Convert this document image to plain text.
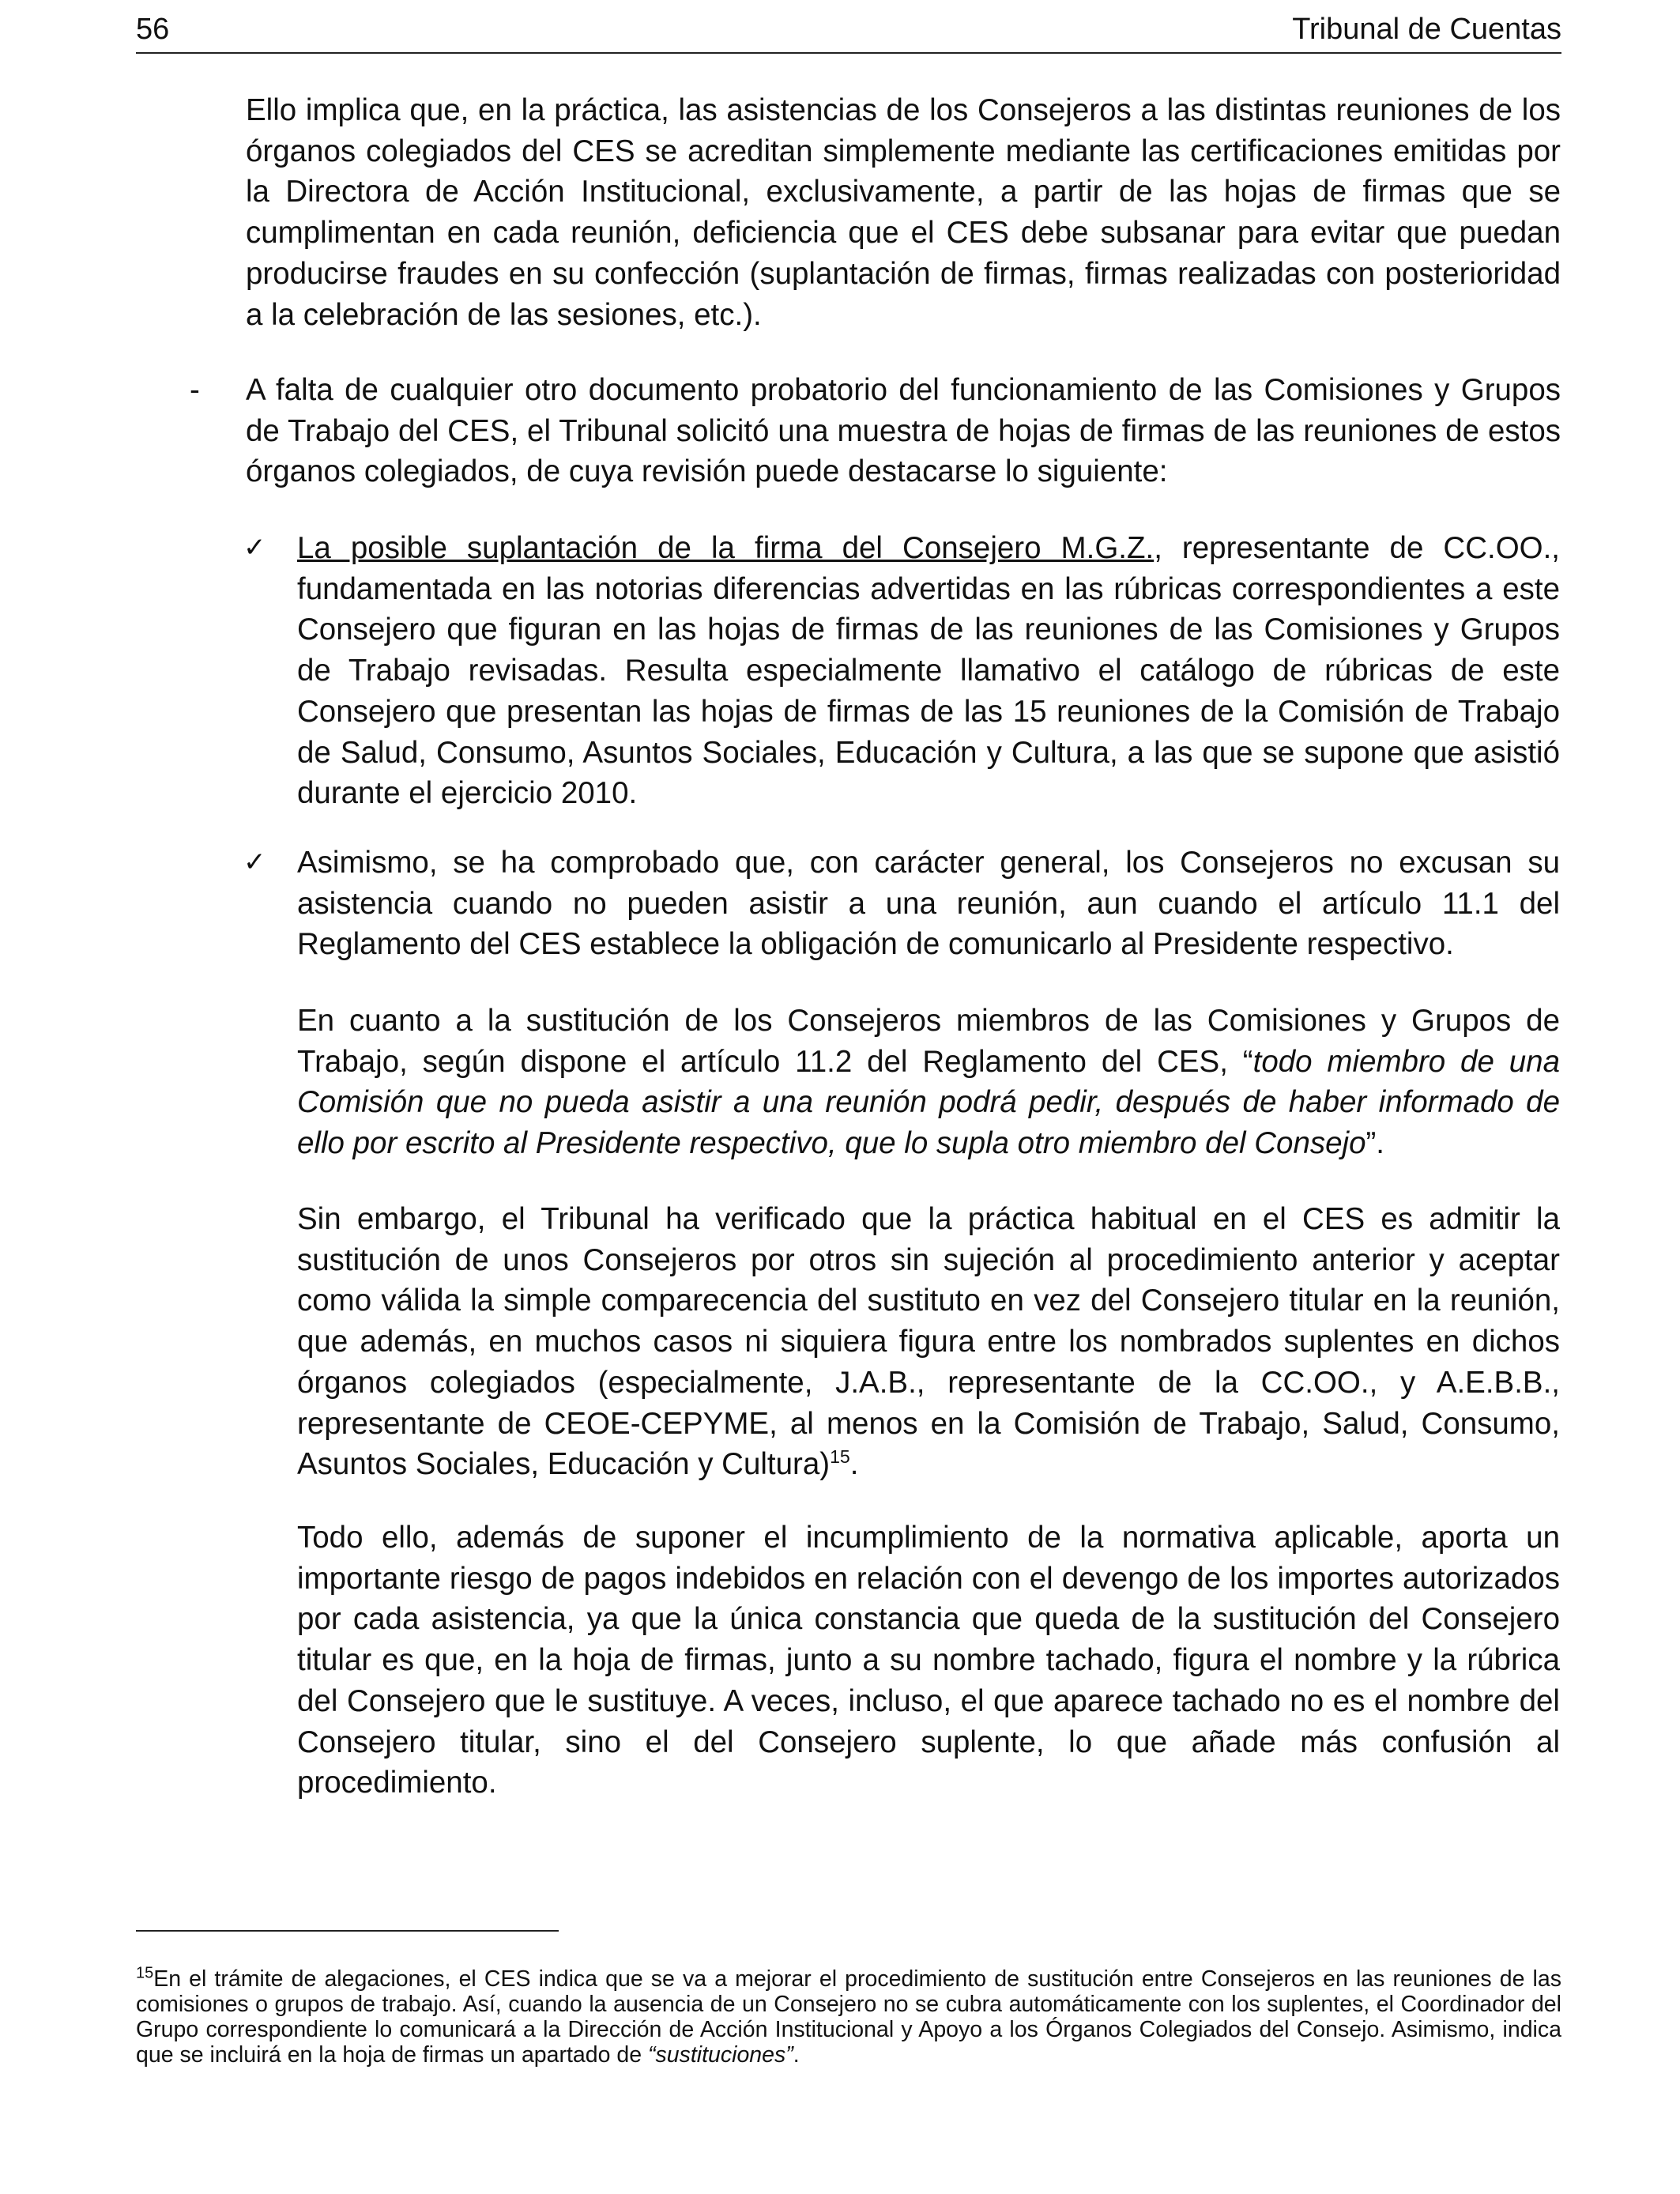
56	Tribunal de Cuentas

Ello implica que, en la práctica, las asistencias de los Consejeros a las distintas reuniones de los órganos colegiados del CES se acreditan simplemente mediante las certificaciones emitidas por la Directora de Acción Institucional, exclusivamente, a partir de las hojas de firmas que se cumplimentan en cada reunión, deficiencia que el CES debe subsanar para evitar que puedan producirse fraudes en su confección (suplantación de firmas, firmas realizadas con posterioridad a la celebración de las sesiones, etc.).

- A falta de cualquier otro documento probatorio del funcionamiento de las Comisiones y Grupos de Trabajo del CES, el Tribunal solicitó una muestra de hojas de firmas de las reuniones de estos órganos colegiados, de cuya revisión puede destacarse lo siguiente:

✓ La posible suplantación de la firma del Consejero M.G.Z., representante de CC.OO., fundamentada en las notorias diferencias advertidas en las rúbricas correspondientes a este Consejero que figuran en las hojas de firmas de las reuniones de las Comisiones y Grupos de Trabajo revisadas. Resulta especialmente llamativo el catálogo de rúbricas de este Consejero que presentan las hojas de firmas de las 15 reuniones de la Comisión de Trabajo de Salud, Consumo, Asuntos Sociales, Educación y Cultura, a las que se supone que asistió durante el ejercicio 2010.

✓ Asimismo, se ha comprobado que, con carácter general, los Consejeros no excusan su asistencia cuando no pueden asistir a una reunión, aun cuando el artículo 11.1 del Reglamento del CES establece la obligación de comunicarlo al Presidente respectivo.

En cuanto a la sustitución de los Consejeros miembros de las Comisiones y Grupos de Trabajo, según dispone el artículo 11.2 del Reglamento del CES, “todo miembro de una Comisión que no pueda asistir a una reunión podrá pedir, después de haber informado de ello por escrito al Presidente respectivo, que lo supla otro miembro del Consejo”.

Sin embargo, el Tribunal ha verificado que la práctica habitual en el CES es admitir la sustitución de unos Consejeros por otros sin sujeción al procedimiento anterior y aceptar como válida la simple comparecencia del sustituto en vez del Consejero titular en la reunión, que además, en muchos casos ni siquiera figura entre los nombrados suplentes en dichos órganos colegiados (especialmente, J.A.B., representante de la CC.OO., y A.E.B.B., representante de CEOE-CEPYME, al menos en la Comisión de Trabajo, Salud, Consumo, Asuntos Sociales, Educación y Cultura)$^{15}$.

Todo ello, además de suponer el incumplimiento de la normativa aplicable, aporta un importante riesgo de pagos indebidos en relación con el devengo de los importes autorizados por cada asistencia, ya que la única constancia que queda de la sustitución del Consejero titular es que, en la hoja de firmas, junto a su nombre tachado, figura el nombre y la rúbrica del Consejero que le sustituye. A veces, incluso, el que aparece tachado no es el nombre del Consejero titular, sino el del Consejero suplente, lo que añade más confusión al procedimiento.

$^{15}$En el trámite de alegaciones, el CES indica que se va a mejorar el procedimiento de sustitución entre Consejeros en las reuniones de las comisiones o grupos de trabajo. Así, cuando la ausencia de un Consejero no se cubra automáticamente con los suplentes, el Coordinador del Grupo correspondiente lo comunicará a la Dirección de Acción Institucional y Apoyo a los Órganos Colegiados del Consejo. Asimismo, indica que se incluirá en la hoja de firmas un apartado de “sustituciones”.
